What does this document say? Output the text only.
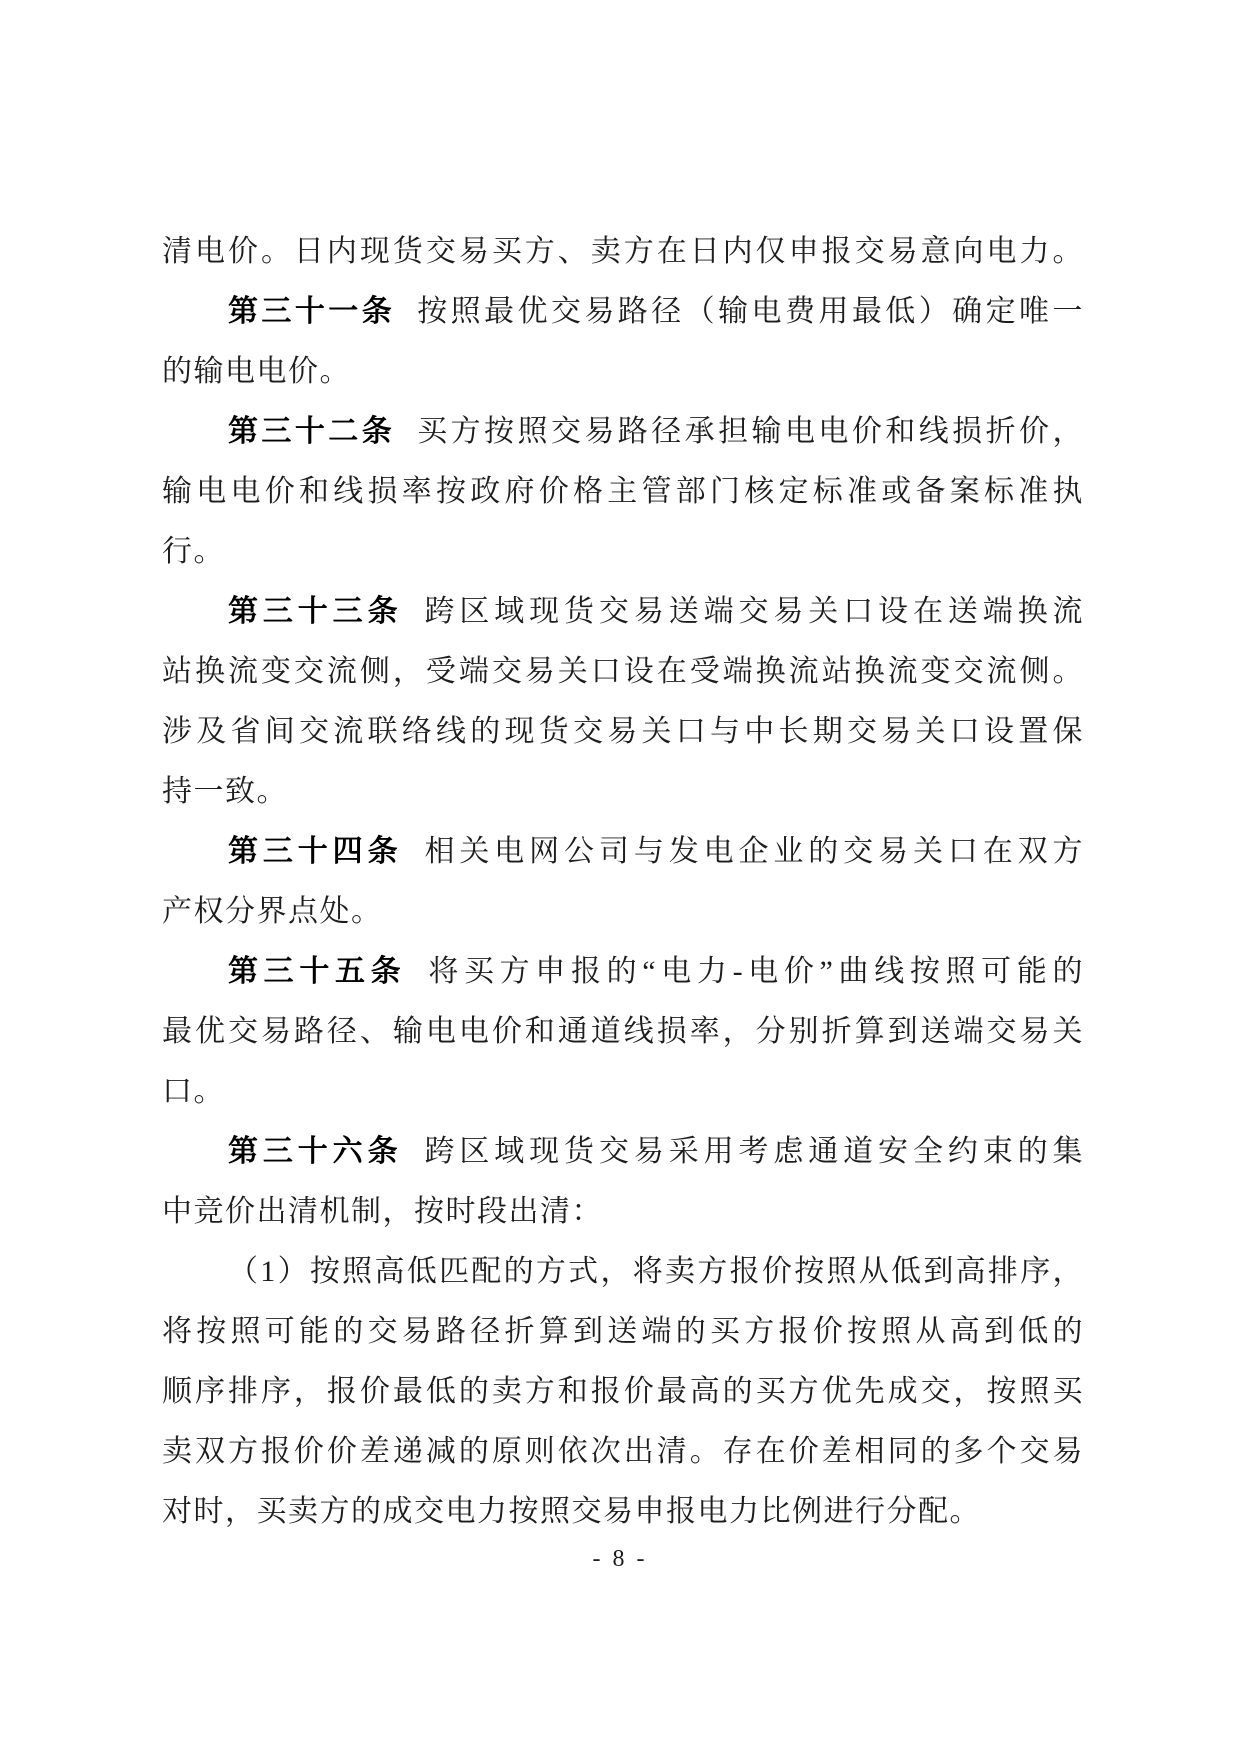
清电价。日内现货交易买方、卖方在日内仅申报交易意向电力。
第三十一条 按照最优交易路径（输电费用最低）确定唯一
的输电电价。
第三十二条 买方按照交易路径承担输电电价和线损折价，
输电电价和线损率按政府价格主管部门核定标准或备案标准执
行。
第三十三条 跨区域现货交易送端交易关口设在送端换流
站换流变交流侧，受端交易关口设在受端换流站换流变交流侧。
涉及省间交流联络线的现货交易关口与中长期交易关口设置保
持一致。
第三十四条 相关电网公司与发电企业的交易关口在双方
产权分界点处。
第三十五条 将买方申报的“电力-电价”曲线按照可能的
最优交易路径、输电电价和通道线损率，分别折算到送端交易关
口。
第三十六条 跨区域现货交易采用考虑通道安全约束的集
中竞价出清机制，按时段出清：
（1）按照高低匹配的方式，将卖方报价按照从低到高排序，
将按照可能的交易路径折算到送端的买方报价按照从高到低的
顺序排序，报价最低的卖方和报价最高的买方优先成交，按照买
卖双方报价价差递减的原则依次出清。存在价差相同的多个交易
对时，买卖方的成交电力按照交易申报电力比例进行分配。
- 8 -
